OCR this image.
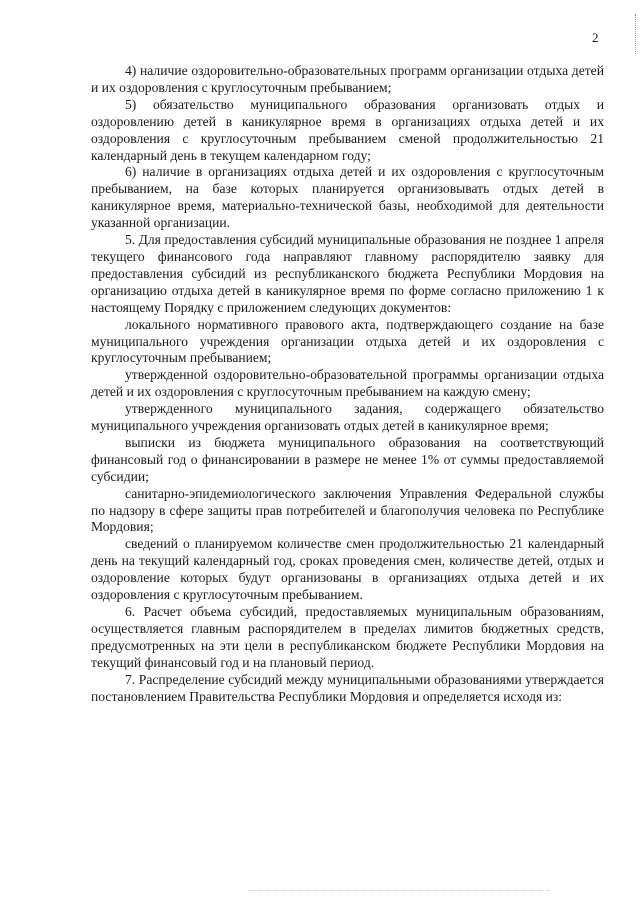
2

4) наличие оздоровительно-образовательных программ организации отдыха детей и их оздоровления с круглосуточным пребыванием;

5) обязательство муниципального образования организовать отдых и оздоровлению детей в каникулярное время в организациях отдыха детей и их оздоровления с круглосуточным пребыванием сменой продолжительностью 21 календарный день в текущем календарном году;

6) наличие в организациях отдыха детей и их оздоровления с круглосуточным пребыванием, на базе которых планируется организовывать отдых детей в каникулярное время, материально-технической базы, необходимой для деятельности указанной организации.

5. Для предоставления субсидий муниципальные образования не позднее 1 апреля текущего финансового года направляют главному распорядителю заявку для предоставления субсидий из республиканского бюджета Республики Мордовия на организацию отдыха детей в каникулярное время по форме согласно приложению 1 к настоящему Порядку с приложением следующих документов:

локального нормативного правового акта, подтверждающего создание на базе муниципального учреждения организации отдыха детей и их оздоровления с круглосуточным пребыванием;

утвержденной оздоровительно-образовательной программы организации отдыха детей и их оздоровления с круглосуточным пребыванием на каждую смену;

утвержденного муниципального задания, содержащего обязательство муниципального учреждения организовать отдых детей в каникулярное время;

выписки из бюджета муниципального образования на соответствующий финансовый год о финансировании в размере не менее 1% от суммы предоставляемой субсидии;

санитарно-эпидемиологического заключения Управления Федеральной службы по надзору в сфере защиты прав потребителей и благополучия человека по Республике Мордовия;

сведений о планируемом количестве смен продолжительностью 21 календарный день на текущий календарный год, сроках проведения смен, количестве детей, отдых и оздоровление которых будут организованы в организациях отдыха детей и их оздоровления с круглосуточным пребыванием.

6. Расчет объема субсидий, предоставляемых муниципальным образованиям, осуществляется главным распорядителем в пределах лимитов бюджетных средств, предусмотренных на эти цели в республиканском бюджете Республики Мордовия на текущий финансовый год и на плановый период.

7. Распределение субсидий между муниципальными образованиями утверждается постановлением Правительства Республики Мордовия и определяется исходя из:
